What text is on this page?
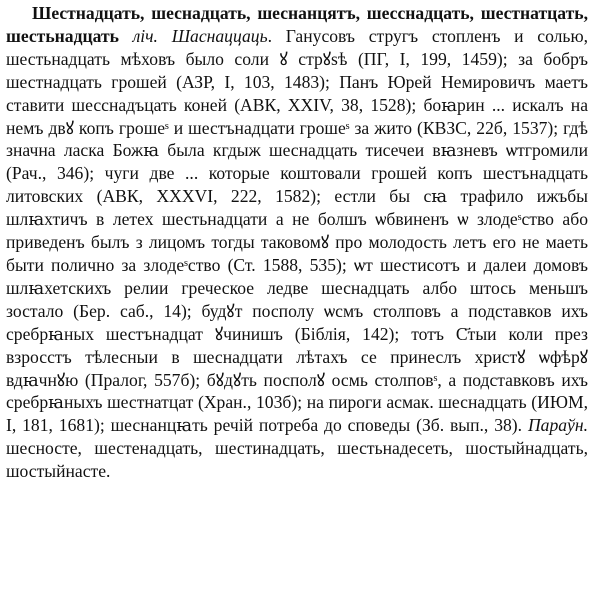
Шестнадцать, шеснадцать, шеснанцятъ, шесснадцать, шестнатцать, шестьнадцать лiч. Шаснаццаць. Ганусовъ стругъ стопленъ и солью, шестьнадцать мѣховъ было соли ꙋ стрꙋѕѣ (ПГ, I, 199, 1459); за бобръ шестнадцать грошей (АЗР, I, 103, 1483); Панъ Юрей Немировичъ маетъ ставити шесснадъцать коней (АВК, XXIV, 38, 1528); боꙗрин ... искалъ на немъ двꙋ копъ грошеˢ и шестънадцати грошеˢ за жито (КВЗС, 22б, 1537); гдѣ значна ласка Божꙗ была кгдыж шеснадцать тисечеи вꙗзневъ ѡтгромили (Рач., 346); чуги две ... которые коштовали грошей копъ шестънадцать литовских (АВК, XXXVI, 222, 1582); естли бы сꙗ трафило ижъбы шлꙗхтичъ в летех шестьнадцати а не болшъ ѡбвиненъ ѡ злодеˢство або приведенъ былъ з лицомъ тогды таковомꙋ про молодость летъ его не маеть быти полично за злодеˢство (Ст. 1588, 535); ѡт шестисотъ и далеи домовъ шлꙗхетскихъ релии греческое ледве шеснадцать албо штось меньшъ зостало (Бер. саб., 14); будꙋт посполу ѡсмъ столповъ а подставков ихъ сребрꙗных шестънадцат ꙋчинишъ (Біблія, 142); тотъ С҃тыи коли през взросстъ тѣлесныи в шеснадцати лѣтахъ се принеслъ христꙋ ѡфѣрꙋ вдꙗчнꙋю (Пралог, 557б); бꙋдꙋть посполꙋ осмь столповˢ, а подставковъ ихъ сребрꙗныхъ шестнатцат (Хран., 103б); на пироги асмак. шеснадцать (ИЮМ, I, 181, 1681); шеснанцꙗть речiй потреба до споведы (Зб. вып., 38). Параўн. шесносте, шестенадцать, шестинадцать, шестьнадесеть, шостыйнадцать, шостыйнасте.
